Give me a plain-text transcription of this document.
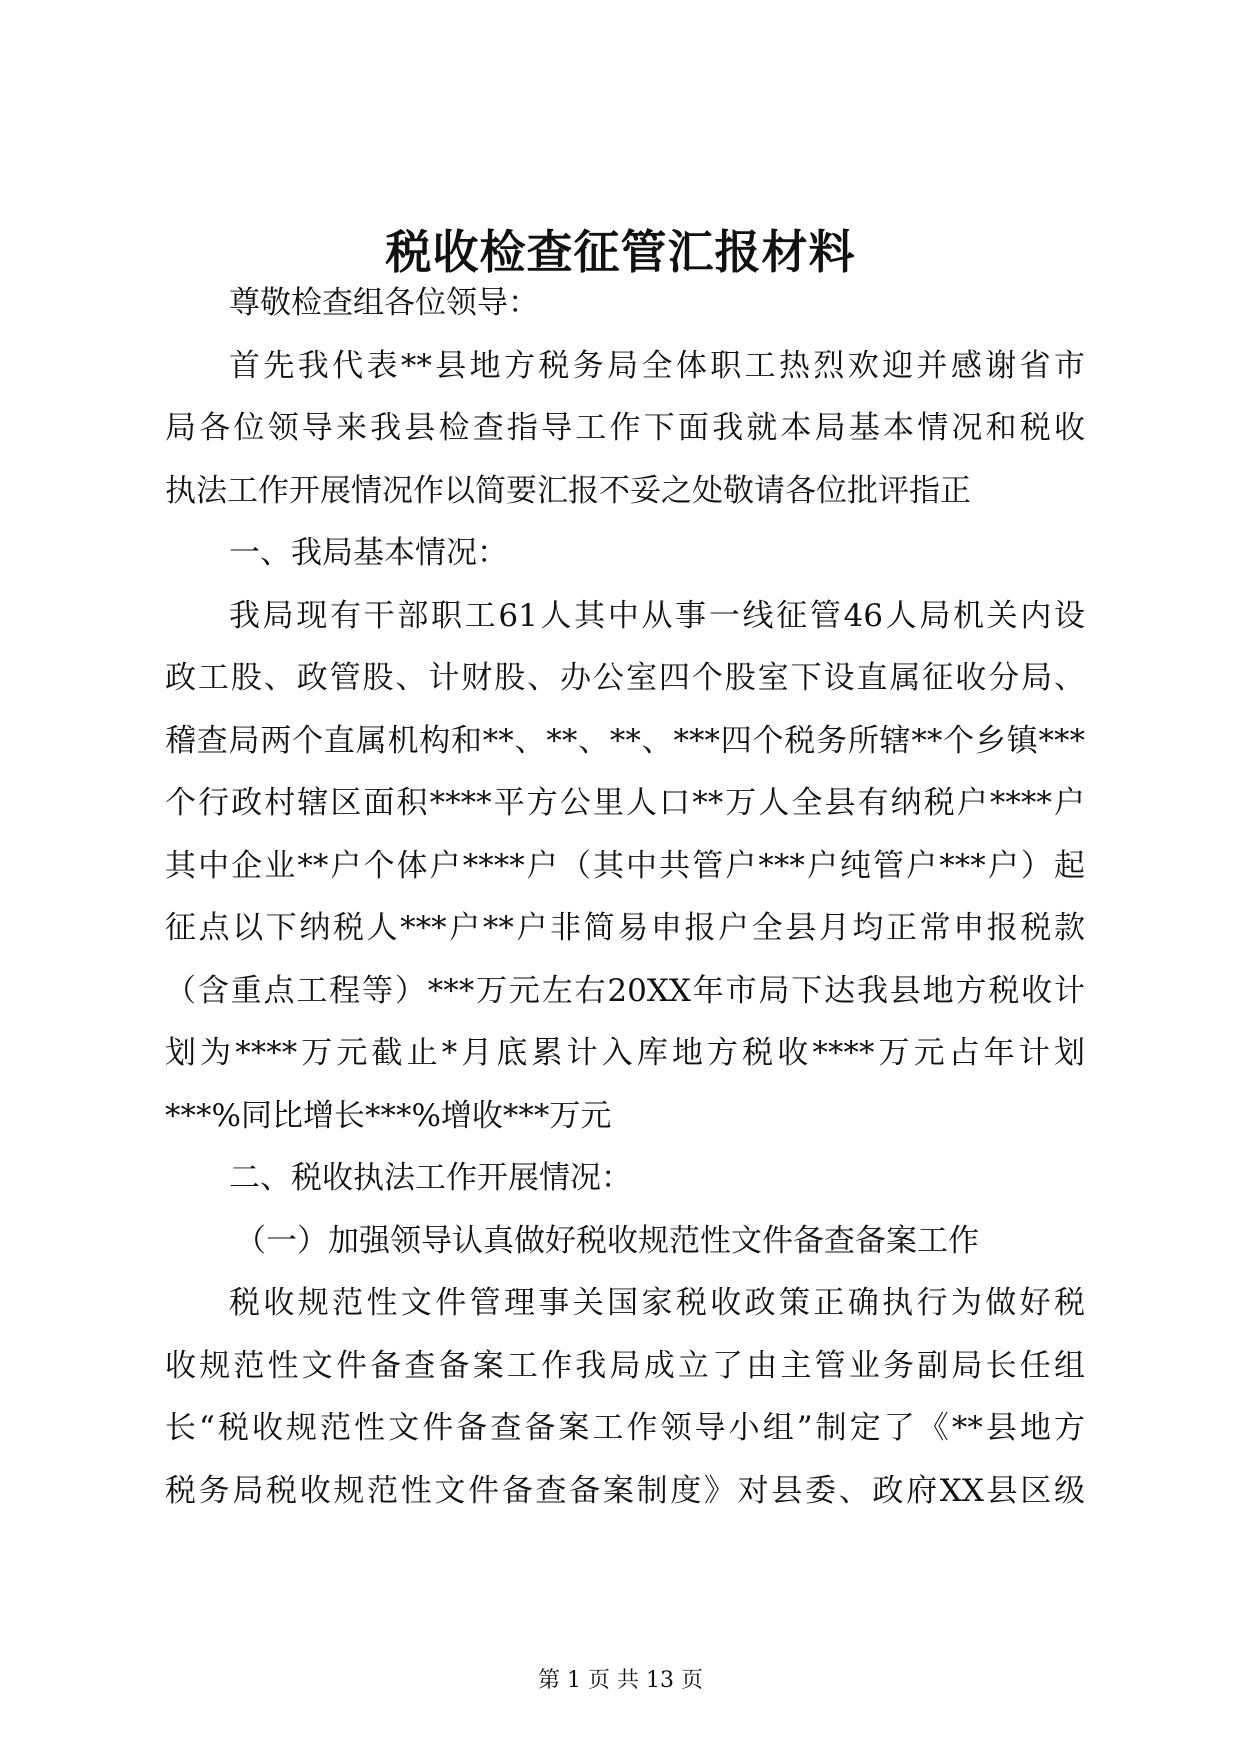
税收检查征管汇报材料
尊敬检查组各位领导：
首先我代表**县地方税务局全体职工热烈欢迎并感谢省市
局各位领导来我县检查指导工作下面我就本局基本情况和税收
执法工作开展情况作以简要汇报不妥之处敬请各位批评指正
一、我局基本情况：
我局现有干部职工61人其中从事一线征管46人局机关内设
政工股、政管股、计财股、办公室四个股室下设直属征收分局、
稽查局两个直属机构和**、**、**、***四个税务所辖**个乡镇***
个行政村辖区面积****平方公里人口**万人全县有纳税户****户
其中企业**户个体户****户（其中共管户***户纯管户***户）起
征点以下纳税人***户**户非简易申报户全县月均正常申报税款
（含重点工程等）***万元左右20XX年市局下达我县地方税收计
划为****万元截止*月底累计入库地方税收****万元占年计划
***%同比增长***%增收***万元
二、税收执法工作开展情况：
（一）加强领导认真做好税收规范性文件备查备案工作
税收规范性文件管理事关国家税收政策正确执行为做好税
收规范性文件备查备案工作我局成立了由主管业务副局长任组
长“税收规范性文件备查备案工作领导小组”制定了《**县地方
税务局税收规范性文件备查备案制度》对县委、政府XX县区级
第 1 页 共 13 页
